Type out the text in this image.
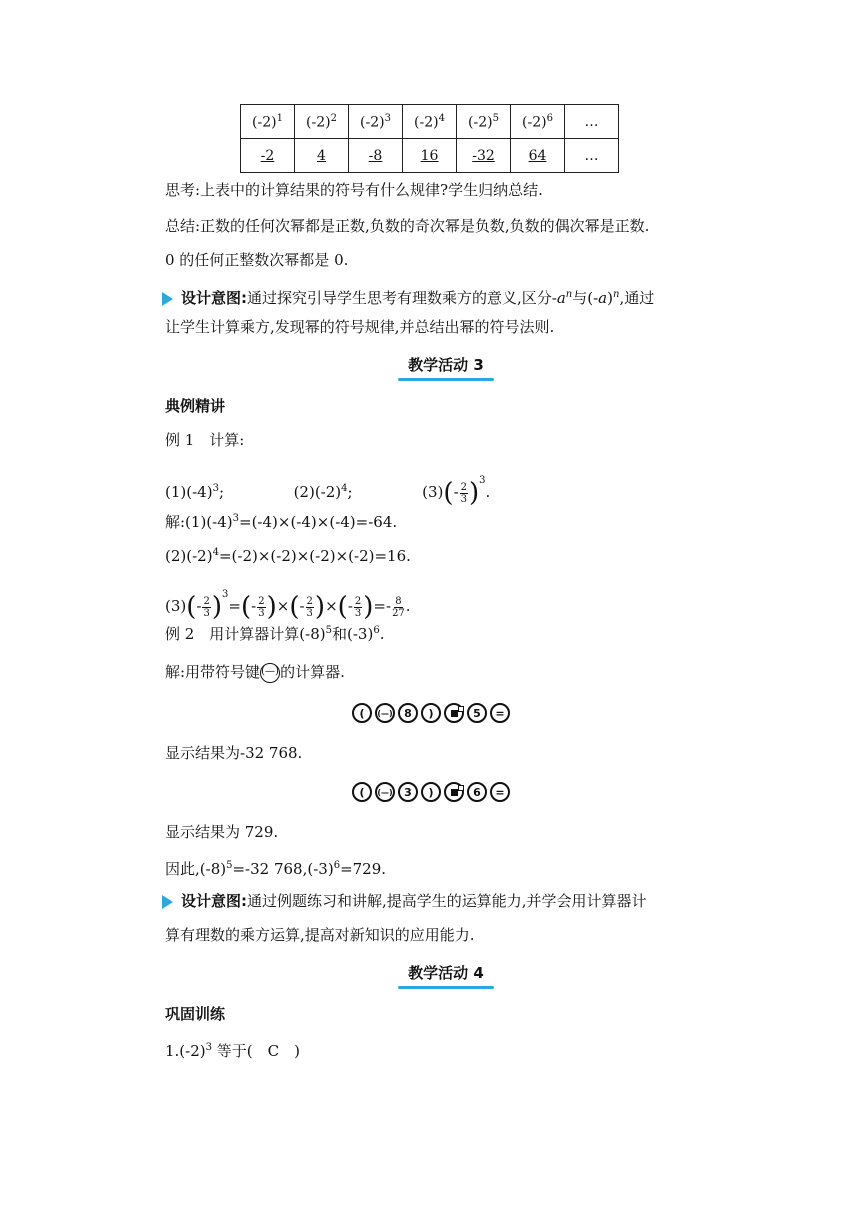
$(-2)^1$	$(-2)^2$	$(-2)^3$	$(-2)^4$	$(-2)^5$	$(-2)^6$	…
-2	4	-8	16	-32	64	…
思考:上表中的计算结果的符号有什么规律?学生归纳总结.
总结:正数的任何次幂都是正数,负数的奇次幂是负数,负数的偶次幂是正数.
0 的任何正整数次幂都是 0.
设计意图:通过探究引导学生思考有理数乘方的意义,区分$-a^n$与$(-a)^n$,通过
让学生计算乘方,发现幂的符号规律,并总结出幂的符号法则.
教学活动 3
典例精讲
例 1　计算:
$(1)(-4)^3$;	$(2)(-2)^4$;	$(3)(- \frac{2}{3} )^3$.
解$:(1)(-4)^3=(-4)\times(-4)\times(-4)=-64$.
$(2)(-2)^4=(-2)\times(-2)\times(-2)\times(-2)=16$.
$(3)(- \frac{2}{3} )^3=(- \frac{2}{3}$ )×(- $\frac{2}{3}$ )×(- $\frac{2}{3}$ )=- $\frac{8}{27}$ .
例 2　用计算器计算$(-8)^5$和$(-3)^6$.
解:用带符号键(—)的计算器.
(	(—)	8	)	5	=
显示结果为-32 768.
(	(—)	3	)	6	=
显示结果为 729.
因此$,(-8)^5=-32$ $768,(-3)^6=729$.
设计意图:通过例题练习和讲解,提高学生的运算能力,并学会用计算器计
算有理数的乘方运算,提高对新知识的应用能力.
教学活动 4
巩固训练
$1.(-2)^3$ 等于(　C　)
